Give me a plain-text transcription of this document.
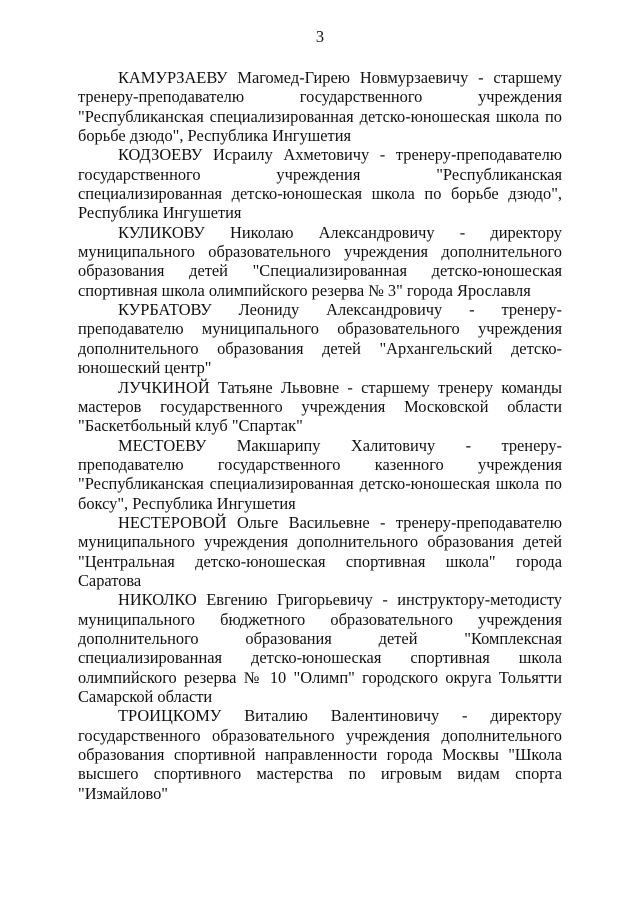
3

КАМУРЗАЕВУ Магомед-Гирею Новмурзаевичу - старшему тренеру-преподавателю государственного учреждения "Республиканская специализированная детско-юношеская школа по борьбе дзюдо", Республика Ингушетия

КОДЗОЕВУ Исраилу Ахметовичу - тренеру-преподавателю государственного учреждения "Республиканская специализированная детско-юношеская школа по борьбе дзюдо", Республика Ингушетия

КУЛИКОВУ Николаю Александровичу - директору муниципального образовательного учреждения дополнительного образования детей "Специализированная детско-юношеская спортивная школа олимпийского резерва № 3" города Ярославля

КУРБАТОВУ Леониду Александровичу - тренеру-преподавателю муниципального образовательного учреждения дополнительного образования детей "Архангельский детско-юношеский центр"

ЛУЧКИНОЙ Татьяне Львовне - старшему тренеру команды мастеров государственного учреждения Московской области "Баскетбольный клуб "Спартак"

МЕСТОЕВУ Макшарипу Халитовичу - тренеру-преподавателю государственного казенного учреждения "Республиканская специализированная детско-юношеская школа по боксу", Республика Ингушетия

НЕСТЕРОВОЙ Ольге Васильевне - тренеру-преподавателю муниципального учреждения дополнительного образования детей "Центральная детско-юношеская спортивная школа" города Саратова

НИКОЛКО Евгению Григорьевичу - инструктору-методисту муниципального бюджетного образовательного учреждения дополнительного образования детей "Комплексная специализированная детско-юношеская спортивная школа олимпийского резерва № 10 "Олимп" городского округа Тольятти Самарской области

ТРОИЦКОМУ Виталию Валентиновичу - директору государственного образовательного учреждения дополнительного образования спортивной направленности города Москвы "Школа высшего спортивного мастерства по игровым видам спорта "Измайлово"
